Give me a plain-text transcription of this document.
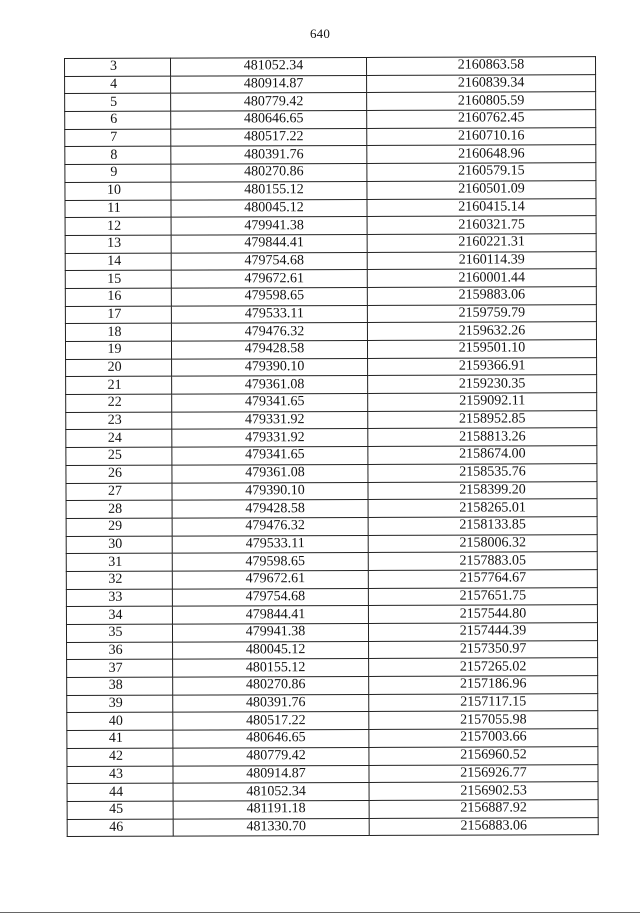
640
3	481052.34	2160863.58
4	480914.87	2160839.34
5	480779.42	2160805.59
6	480646.65	2160762.45
7	480517.22	2160710.16
8	480391.76	2160648.96
9	480270.86	2160579.15
10	480155.12	2160501.09
11	480045.12	2160415.14
12	479941.38	2160321.75
13	479844.41	2160221.31
14	479754.68	2160114.39
15	479672.61	2160001.44
16	479598.65	2159883.06
17	479533.11	2159759.79
18	479476.32	2159632.26
19	479428.58	2159501.10
20	479390.10	2159366.91
21	479361.08	2159230.35
22	479341.65	2159092.11
23	479331.92	2158952.85
24	479331.92	2158813.26
25	479341.65	2158674.00
26	479361.08	2158535.76
27	479390.10	2158399.20
28	479428.58	2158265.01
29	479476.32	2158133.85
30	479533.11	2158006.32
31	479598.65	2157883.05
32	479672.61	2157764.67
33	479754.68	2157651.75
34	479844.41	2157544.80
35	479941.38	2157444.39
36	480045.12	2157350.97
37	480155.12	2157265.02
38	480270.86	2157186.96
39	480391.76	2157117.15
40	480517.22	2157055.98
41	480646.65	2157003.66
42	480779.42	2156960.52
43	480914.87	2156926.77
44	481052.34	2156902.53
45	481191.18	2156887.92
46	481330.70	2156883.06
